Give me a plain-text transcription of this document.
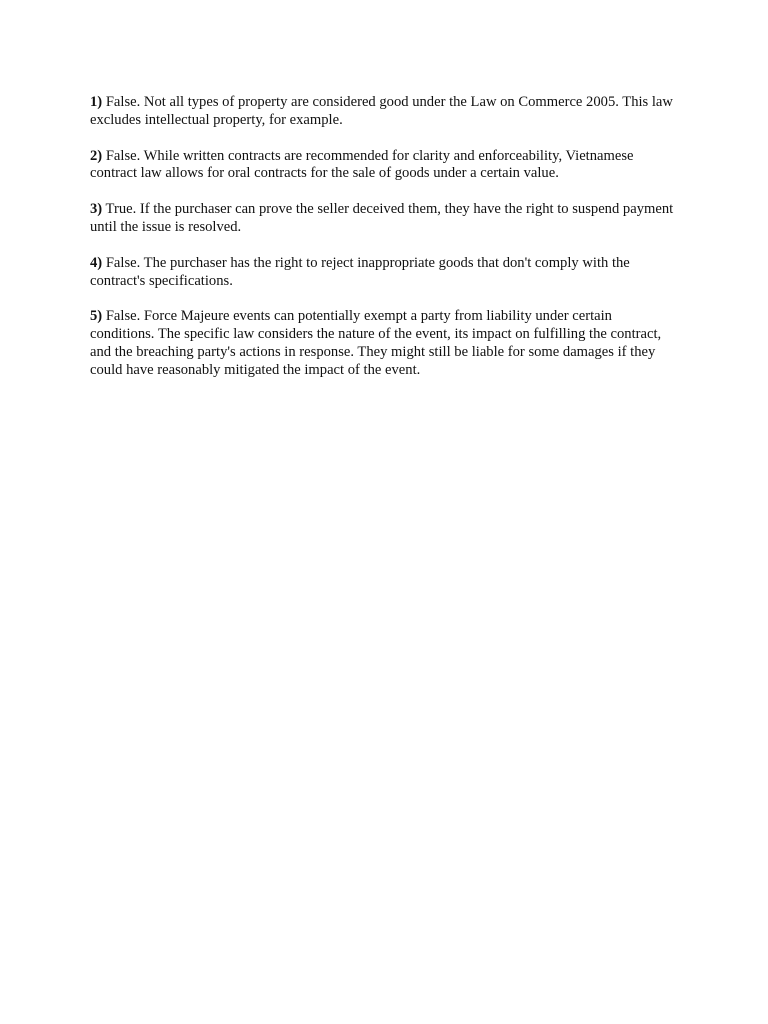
1) False. Not all types of property are considered good under the Law on Commerce 2005. This law excludes intellectual property, for example.

2) False. While written contracts are recommended for clarity and enforceability, Vietnamese contract law allows for oral contracts for the sale of goods under a certain value.

3) True. If the purchaser can prove the seller deceived them, they have the right to suspend payment until the issue is resolved.

4) False. The purchaser has the right to reject inappropriate goods that don't comply with the contract's specifications.

5) False. Force Majeure events can potentially exempt a party from liability under certain conditions. The specific law considers the nature of the event, its impact on fulfilling the contract, and the breaching party's actions in response. They might still be liable for some damages if they could have reasonably mitigated the impact of the event.
